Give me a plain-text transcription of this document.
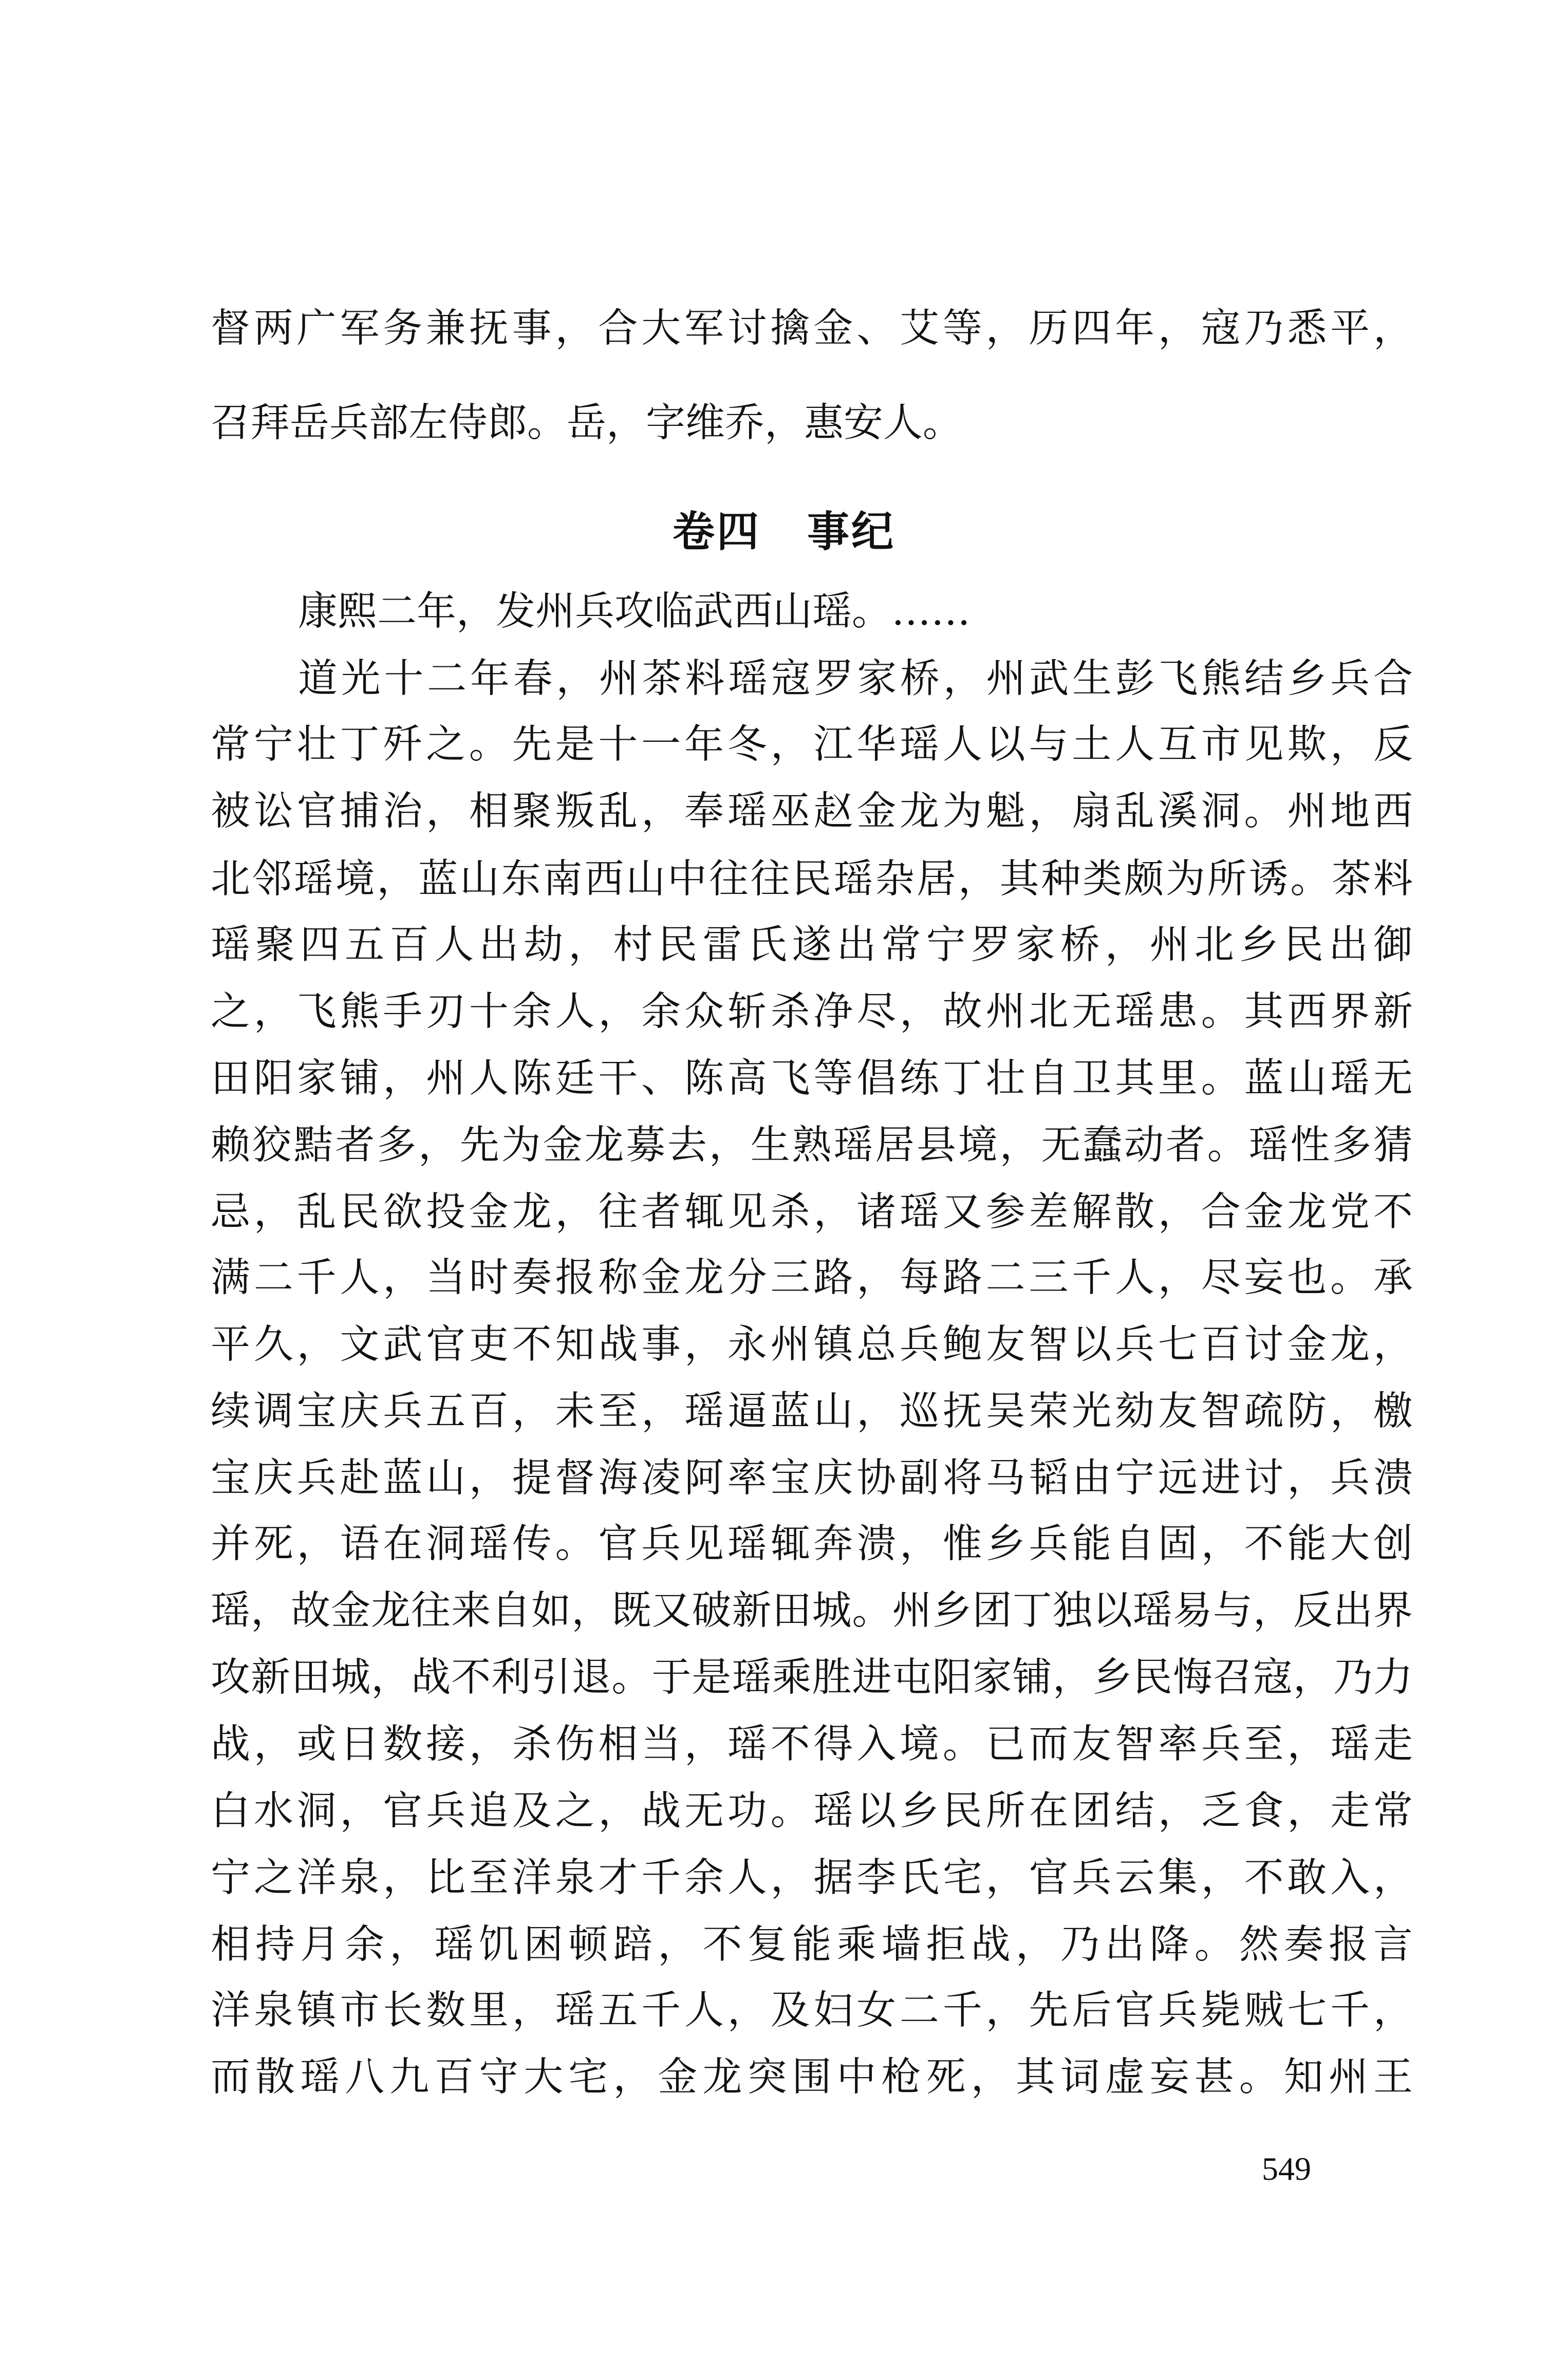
督两广军务兼抚事，合大军讨擒金、艾等，历四年，寇乃悉平，
召拜岳兵部左侍郎。岳，字维乔，惠安人。
卷四 事纪
康熙二年，发州兵攻临武西山瑶。……
道光十二年春，州茶料瑶寇罗家桥，州武生彭飞熊结乡兵合
常宁壮丁歼之。先是十一年冬，江华瑶人以与土人互市见欺，反
被讼官捕治，相聚叛乱，奉瑶巫赵金龙为魁，扇乱溪洞。州地西
北邻瑶境，蓝山东南西山中往往民瑶杂居，其种类颇为所诱。茶料
瑶聚四五百人出劫，村民雷氏遂出常宁罗家桥，州北乡民出御
之，飞熊手刃十余人，余众斩杀净尽，故州北无瑶患。其西界新
田阳家铺，州人陈廷干、陈高飞等倡练丁壮自卫其里。蓝山瑶无
赖狡黠者多，先为金龙募去，生熟瑶居县境，无蠢动者。瑶性多猜
忌，乱民欲投金龙，往者辄见杀，诸瑶又参差解散，合金龙党不
满二千人，当时奏报称金龙分三路，每路二三千人，尽妄也。承
平久，文武官吏不知战事，永州镇总兵鲍友智以兵七百讨金龙，
续调宝庆兵五百，未至，瑶逼蓝山，巡抚吴荣光劾友智疏防，檄
宝庆兵赴蓝山，提督海凌阿率宝庆协副将马韬由宁远进讨，兵溃
并死，语在洞瑶传。官兵见瑶辄奔溃，惟乡兵能自固，不能大创
瑶，故金龙往来自如，既又破新田城。州乡团丁独以瑶易与，反出界
攻新田城，战不利引退。于是瑶乘胜进屯阳家铺，乡民悔召寇，乃力
战，或日数接，杀伤相当，瑶不得入境。已而友智率兵至，瑶走
白水洞，官兵追及之，战无功。瑶以乡民所在团结，乏食，走常
宁之洋泉，比至洋泉才千余人，据李氏宅，官兵云集，不敢入，
相持月余，瑶饥困顿踣，不复能乘墙拒战，乃出降。然奏报言
洋泉镇市长数里，瑶五千人，及妇女二千，先后官兵毙贼七千，
而散瑶八九百守大宅，金龙突围中枪死，其词虚妄甚。知州王
549
